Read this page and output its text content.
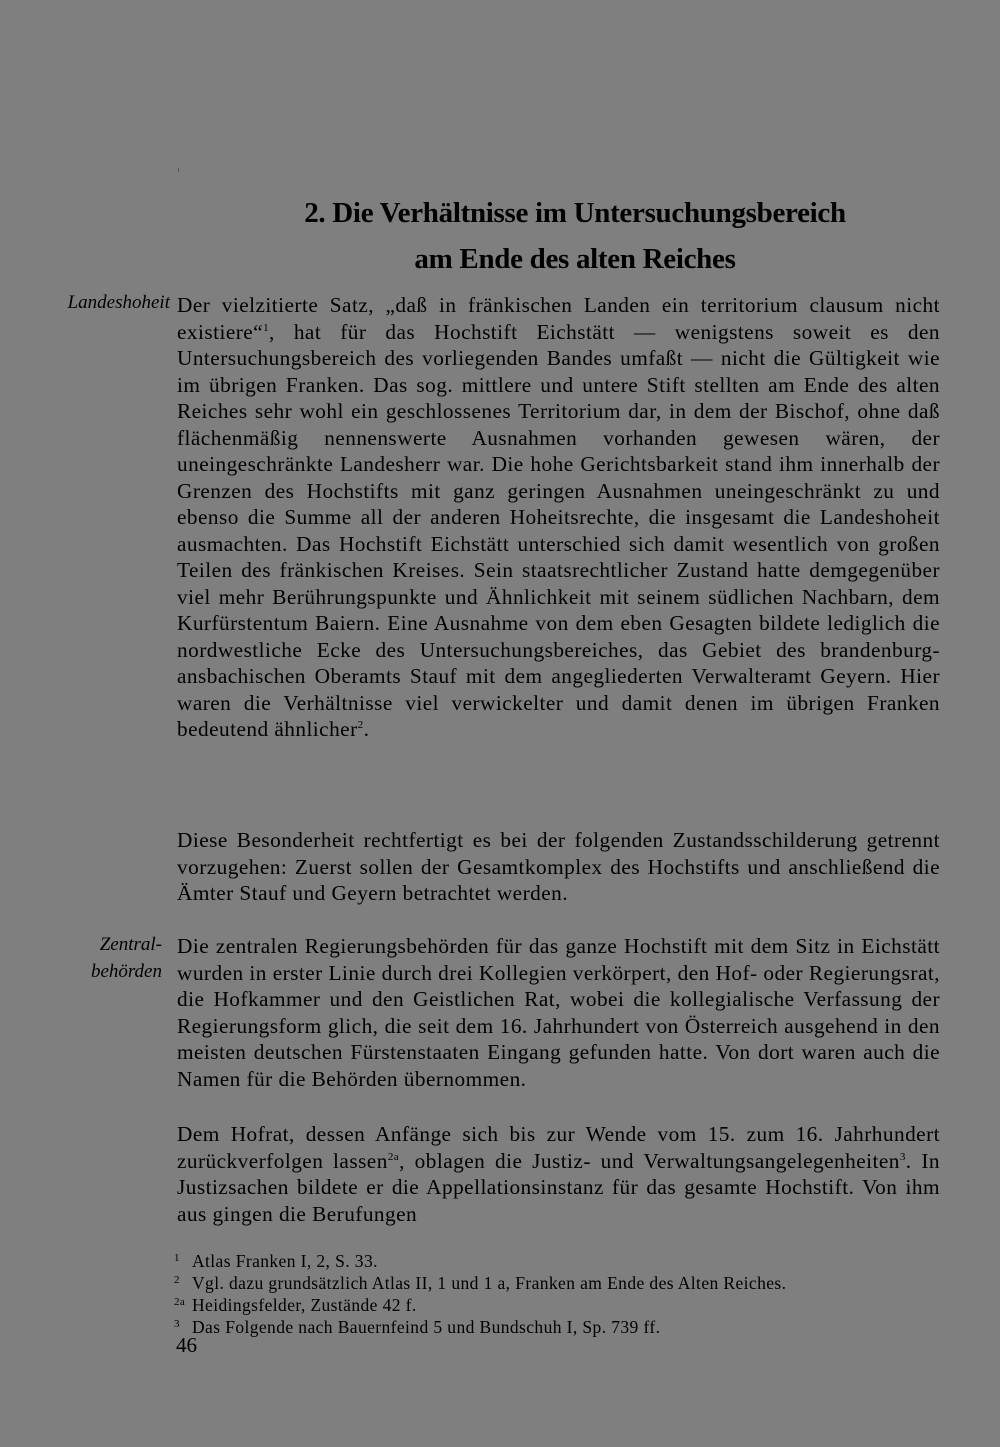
2. Die Verhältnisse im Untersuchungsbereich
am Ende des alten Reiches
Landeshoheit
Zentral-
behörden

Der vielzitierte Satz, „daß in fränkischen Landen ein territorium clausum nicht existiere“$^1$, hat für das Hochstift Eichstätt — wenigstens soweit es den Untersuchungsbereich des vorliegenden Bandes umfaßt — nicht die Gültigkeit wie im übrigen Franken. Das sog. mittlere und untere Stift stellten am Ende des alten Reiches sehr wohl ein geschlossenes Territorium dar, in dem der Bischof, ohne daß flächenmäßig nennenswerte Ausnahmen vorhanden gewesen wären, der uneingeschränkte Landesherr war. Die hohe Gerichtsbarkeit stand ihm innerhalb der Grenzen des Hochstifts mit ganz geringen Ausnahmen uneingeschränkt zu und ebenso die Summe all der anderen Hoheitsrechte, die insgesamt die Landeshoheit ausmachten. Das Hochstift Eichstätt unterschied sich damit wesentlich von großen Teilen des fränkischen Kreises. Sein staatsrechtlicher Zustand hatte demgegenüber viel mehr Berührungspunkte und Ähnlichkeit mit seinem südlichen Nachbarn, dem Kurfürstentum Baiern. Eine Ausnahme von dem eben Gesagten bildete lediglich die nordwestliche Ecke des Untersuchungsbereiches, das Gebiet des brandenburg-ansbachischen Oberamts Stauf mit dem angegliederten Verwalteramt Geyern. Hier waren die Verhältnisse viel verwickelter und damit denen im übrigen Franken bedeutend ähnlicher$^2$.

Diese Besonderheit rechtfertigt es bei der folgenden Zustandsschilderung getrennt vorzugehen: Zuerst sollen der Gesamtkomplex des Hochstifts und anschließend die Ämter Stauf und Geyern betrachtet werden.

Die zentralen Regierungsbehörden für das ganze Hochstift mit dem Sitz in Eichstätt wurden in erster Linie durch drei Kollegien verkörpert, den Hof- oder Regierungsrat, die Hofkammer und den Geistlichen Rat, wobei die kollegialische Verfassung der Regierungsform glich, die seit dem 16. Jahrhundert von Österreich ausgehend in den meisten deutschen Fürstenstaaten Eingang gefunden hatte. Von dort waren auch die Namen für die Behörden übernommen.

Dem Hofrat, dessen Anfänge sich bis zur Wende vom 15. zum 16. Jahrhundert zurückverfolgen lassen$^{2a}$, oblagen die Justiz- und Verwaltungsangelegenheiten$^3$. In Justizsachen bildete er die Appellationsinstanz für das gesamte Hochstift. Von ihm aus gingen die Berufungen

1 Atlas Franken I, 2, S. 33.
2 Vgl. dazu grundsätzlich Atlas II, 1 und 1 a, Franken am Ende des Alten Reiches.
2a Heidingsfelder, Zustände 42 f.
3 Das Folgende nach Bauernfeind 5 und Bundschuh I, Sp. 739 ff.
46
